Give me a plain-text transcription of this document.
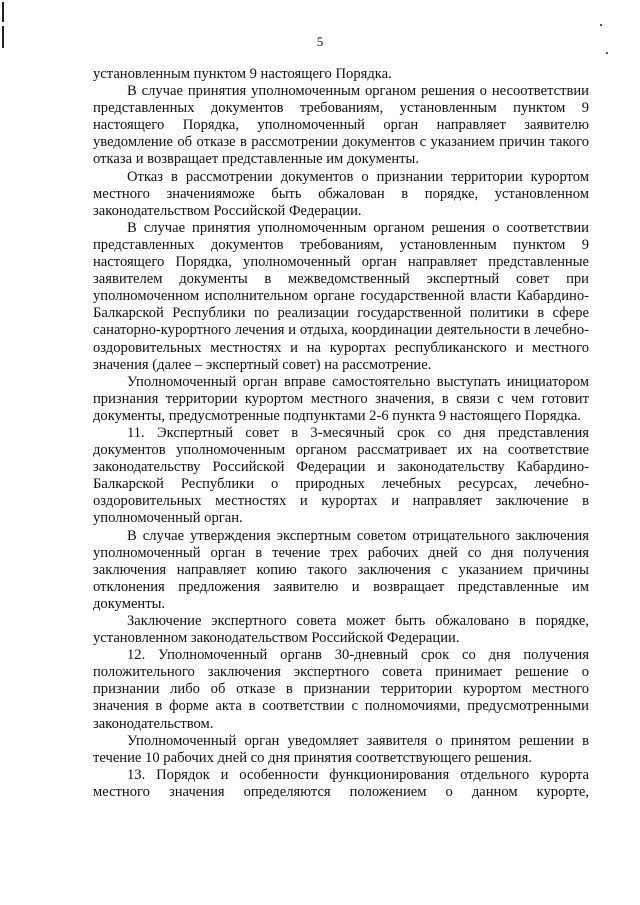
5

установленным пунктом 9 настоящего Порядка.

В случае принятия уполномоченным органом решения о несоответствии представленных документов требованиям, установленным пунктом 9 настоящего Порядка, уполномоченный орган направляет заявителю уведомление об отказе в рассмотрении документов с указанием причин такого отказа и возвращает представленные им документы.

Отказ в рассмотрении документов о признании территории курортом местного значенияможе быть обжалован в порядке, установленном законодательством Российской Федерации.

В случае принятия уполномоченным органом решения о соответствии представленных документов требованиям, установленным пунктом 9 настоящего Порядка, уполномоченный орган направляет представленные заявителем документы в межведомственный экспертный совет при уполномоченном исполнительном органе государственной власти Кабардино-Балкарской Республики по реализации государственной политики в сфере санаторно-курортного лечения и отдыха, координации деятельности в лечебно-оздоровительных местностях и на курортах республиканского и местного значения (далее – экспертный совет) на рассмотрение.

Уполномоченный орган вправе самостоятельно выступать инициатором признания территории курортом местного значения, в связи с чем готовит документы, предусмотренные подпунктами 2-6 пункта 9 настоящего Порядка.

11. Экспертный совет в 3-месячный срок со дня представления документов уполномоченным органом рассматривает их на соответствие законодательству Российской Федерации и законодательству Кабардино-Балкарской Республики о природных лечебных ресурсах, лечебно-оздоровительных местностях и курортах и направляет заключение в уполномоченный орган.

В случае утверждения экспертным советом отрицательного заключения уполномоченный орган в течение трех рабочих дней со дня получения заключения направляет копию такого заключения с указанием причины отклонения предложения заявителю и возвращает представленные им документы.

Заключение экспертного совета может быть обжаловано в порядке, установленном законодательством Российской Федерации.

12. Уполномоченный органв 30-дневный срок со дня получения положительного заключения экспертного совета принимает решение о признании либо об отказе в признании территории курортом местного значения в форме акта в соответствии с полномочиями, предусмотренными законодательством.

Уполномоченный орган уведомляет заявителя о принятом решении в течение 10 рабочих дней со дня принятия соответствующего решения.

13. Порядок и особенности функционирования отдельного курорта местного значения определяются положением о данном курорте,
